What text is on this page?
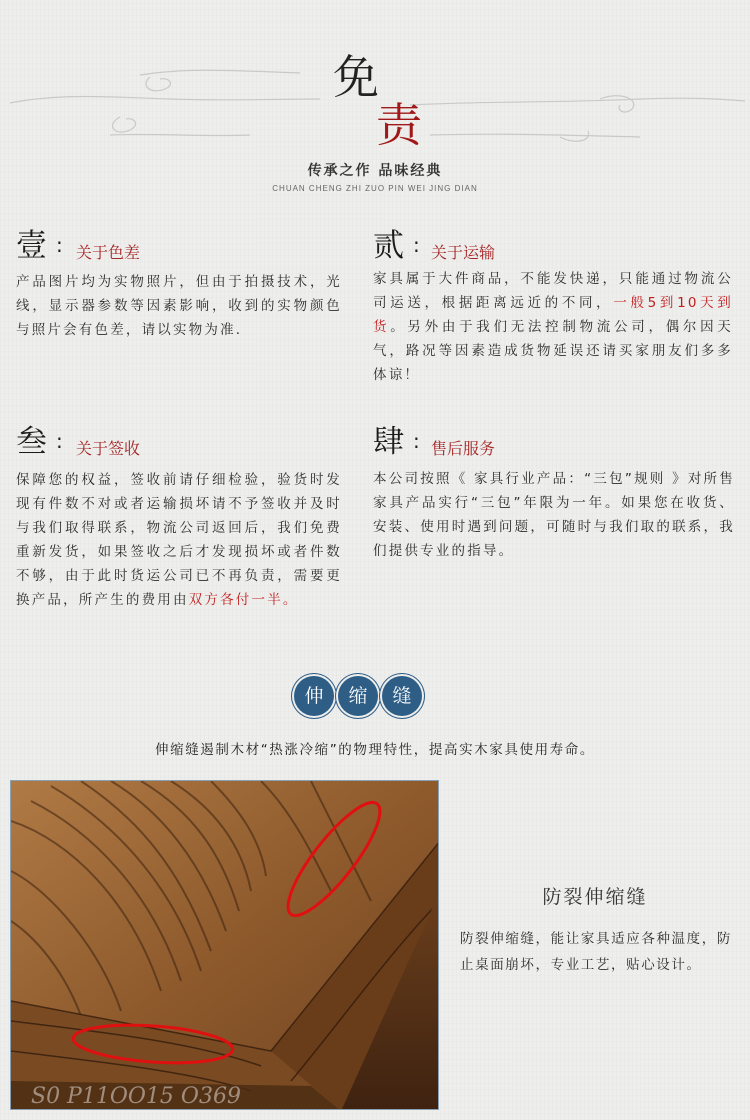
免
责
传承之作 品味经典
CHUAN CHENG ZHI ZUO PIN WEI JING DIAN
壹 : 关于色差
产品图片均为实物照片，但由于拍摄技术，光线，显示器参数等因素影响，收到的实物颜色与照片会有色差，请以实物为准.
贰 : 关于运输
家具属于大件商品，不能发快递，只能通过物流公司运送，根据距离远近的不同，一般5到10天到货。另外由于我们无法控制物流公司，偶尔因天气，路况等因素造成货物延误还请买家朋友们多多体谅！
叁 : 关于签收
保障您的权益，签收前请仔细检验，验货时发现有件数不对或者运输损坏请不予签收并及时与我们取得联系，物流公司返回后，我们免费重新发货，如果签收之后才发现损坏或者件数不够，由于此时货运公司已不再负责，需要更换产品，所产生的费用由双方各付一半。
肆 : 售后服务
本公司按照《 家具行业产品：“三包”规则 》对所售家具产品实行“三包”年限为一年。如果您在收货、安装、使用时遇到问题，可随时与我们取的联系，我们提供专业的指导。
伸	缩	缝
伸缩缝遏制木材“热涨冷缩”的物理特性，提高实木家具使用寿命。
S0 P11OO15 O369
防裂伸缩缝
防裂伸缩缝，能让家具适应各种温度，防止桌面崩坏，专业工艺，贴心设计。
